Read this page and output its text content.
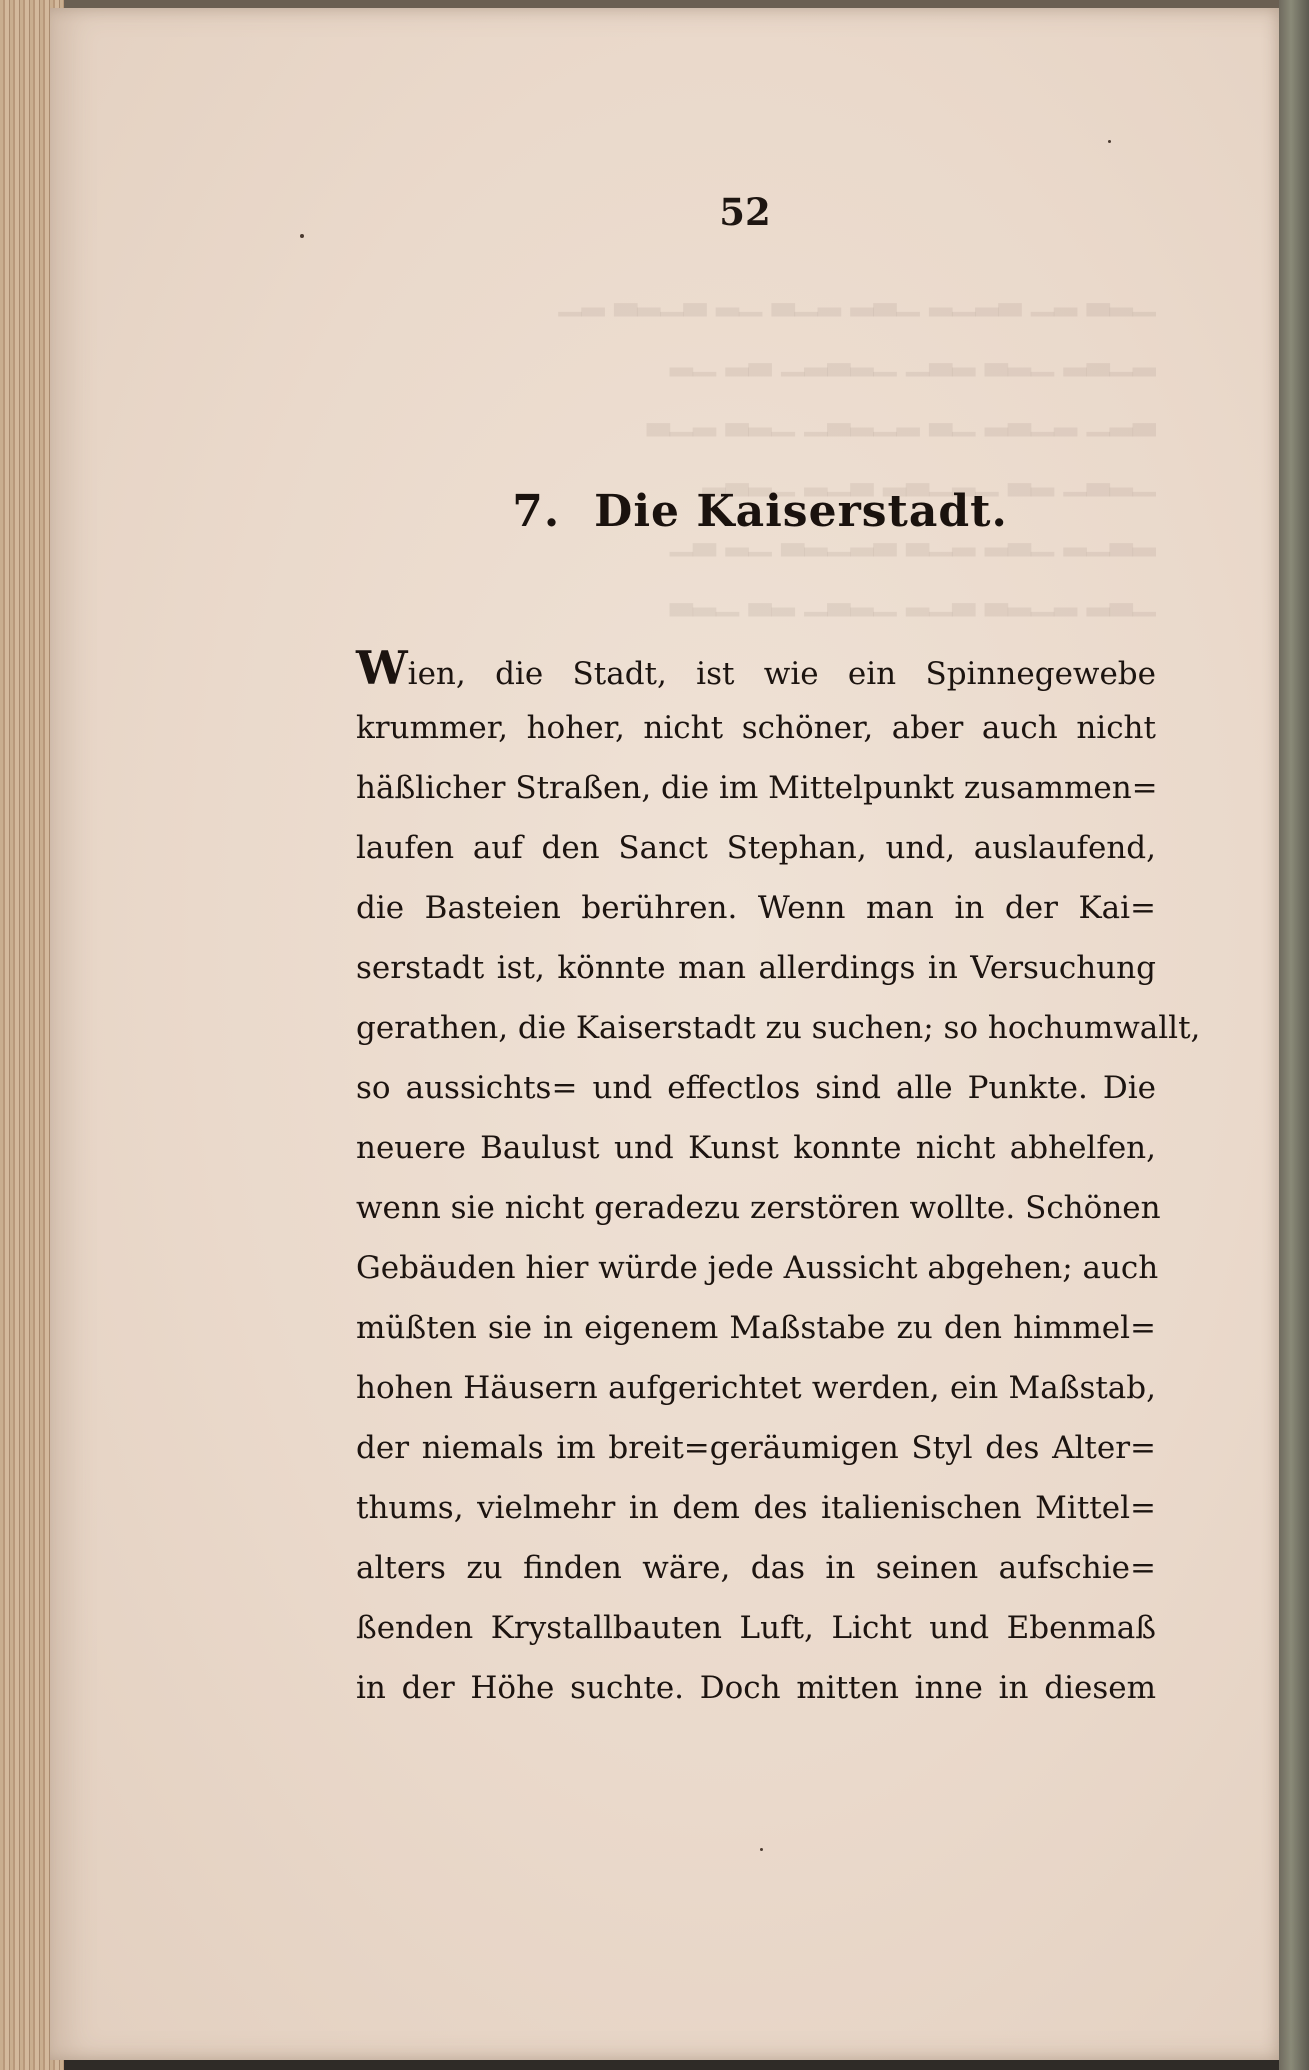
▁▂▃ ▂▁ ▃▂▁▂ ▁▃▂ ▂▁▃ ▁▂ ▃▁▂▃ ▂▁
▂▁▃▂ ▁▂▃ ▂▃▁ ▁▂▃▂▁ ▃▂ ▁▂
▃▂▁ ▂▁▃▂ ▁▃ ▂▁▂▃▁ ▁▂▃ ▂▁▃
▁▂▃▁ ▂▃ ▁▂▁▃▂ ▃▁▂ ▁▂▃▂
▂▃▁▂ ▁▃▂ ▂▁▃ ▃▂▁▂▃ ▁▂ ▃▁
▁▃▂ ▂▁▂▃ ▃▁▂ ▁▂▃▁ ▂▃ ▁▂▃
52
7. Die Kaiserstadt.
Wien, die Stadt, ist wie ein Spinnegewebe
krummer, hoher, nicht schöner, aber auch nicht
häßlicher Straßen, die im Mittelpunkt zusammen=
laufen auf den Sanct Stephan, und, auslaufend,
die Basteien berühren. Wenn man in der Kai=
serstadt ist, könnte man allerdings in Versuchung
gerathen, die Kaiserstadt zu suchen; so hochumwallt,
so aussichts= und effectlos sind alle Punkte. Die
neuere Baulust und Kunst konnte nicht abhelfen,
wenn sie nicht geradezu zerstören wollte. Schönen
Gebäuden hier würde jede Aussicht abgehen; auch
müßten sie in eigenem Maßstabe zu den himmel=
hohen Häusern aufgerichtet werden, ein Maßstab,
der niemals im breit=geräumigen Styl des Alter=
thums, vielmehr in dem des italienischen Mittel=
alters zu finden wäre, das in seinen aufschie=
ßenden Krystallbauten Luft, Licht und Ebenmaß
in der Höhe suchte. Doch mitten inne in diesem
